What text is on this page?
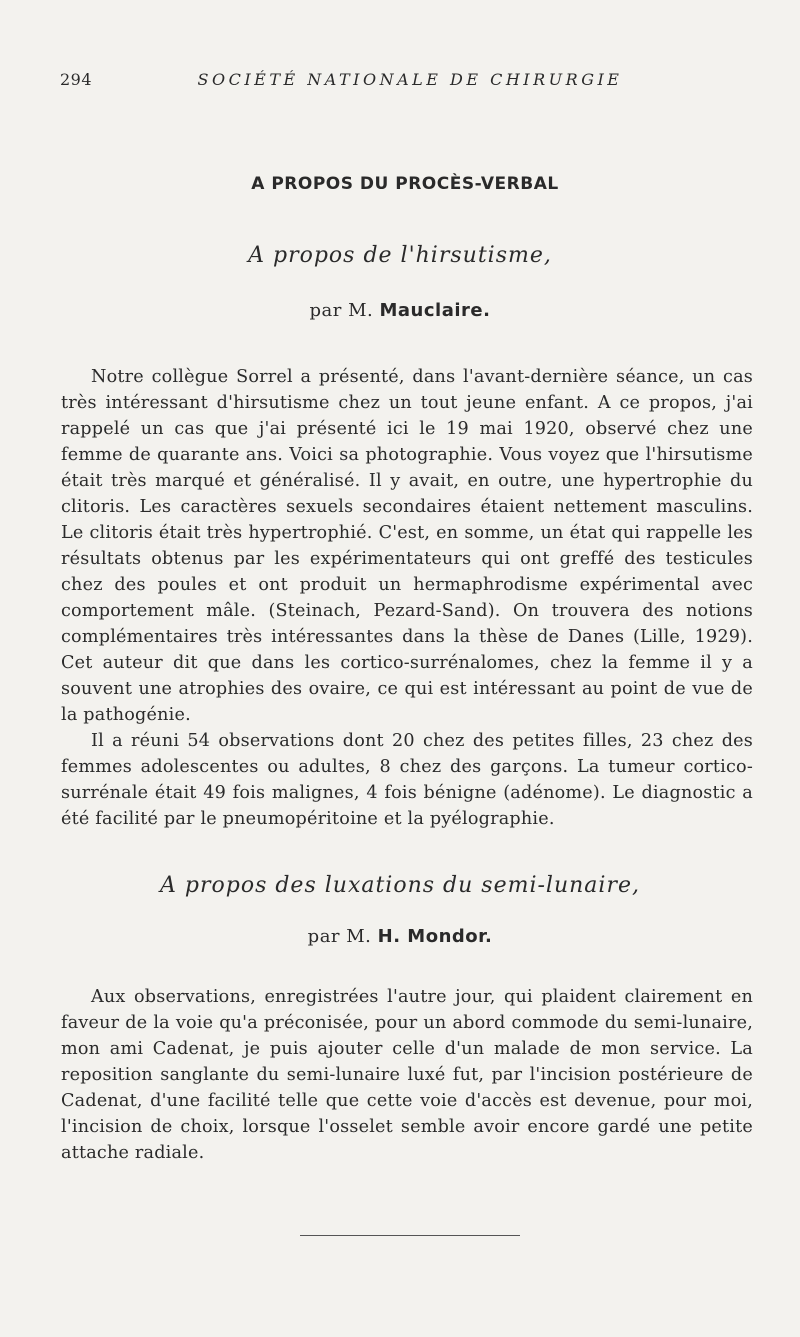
294	SOCIÉTÉ NATIONALE DE CHIRURGIE
A PROPOS DU PROCÈS-VERBAL
A propos de l'hirsutisme,
par M. Mauclaire.

Notre collègue Sorrel a présenté, dans l'avant-dernière séance, un cas très intéressant d'hirsutisme chez un tout jeune enfant. A ce propos, j'ai rappelé un cas que j'ai présenté ici le 19 mai 1920, observé chez une femme de quarante ans. Voici sa photographie. Vous voyez que l'hirsutisme était très marqué et généralisé. Il y avait, en outre, une hypertrophie du clitoris. Les caractères sexuels secondaires étaient nettement masculins. Le clitoris était très hypertrophié. C'est, en somme, un état qui rappelle les résultats obtenus par les expérimentateurs qui ont greffé des testicules chez des poules et ont produit un hermaphrodisme expérimental avec comportement mâle. (Steinach, Pezard-Sand). On trouvera des notions complémentaires très intéressantes dans la thèse de Danes (Lille, 1929). Cet auteur dit que dans les cortico-surrénalomes, chez la femme il y a souvent une atrophies des ovaire, ce qui est intéressant au point de vue de la pathogénie.

Il a réuni 54 observations dont 20 chez des petites filles, 23 chez des femmes adolescentes ou adultes, 8 chez des garçons. La tumeur cortico-surrénale était 49 fois malignes, 4 fois bénigne (adénome). Le diagnostic a été facilité par le pneumopéritoine et la pyélographie.

A propos des luxations du semi-lunaire,
par M. H. Mondor.

Aux observations, enregistrées l'autre jour, qui plaident clairement en faveur de la voie qu'a préconisée, pour un abord commode du semi-lunaire, mon ami Cadenat, je puis ajouter celle d'un malade de mon service. La reposition sanglante du semi-lunaire luxé fut, par l'incision postérieure de Cadenat, d'une facilité telle que cette voie d'accès est devenue, pour moi, l'incision de choix, lorsque l'osselet semble avoir encore gardé une petite attache radiale.
